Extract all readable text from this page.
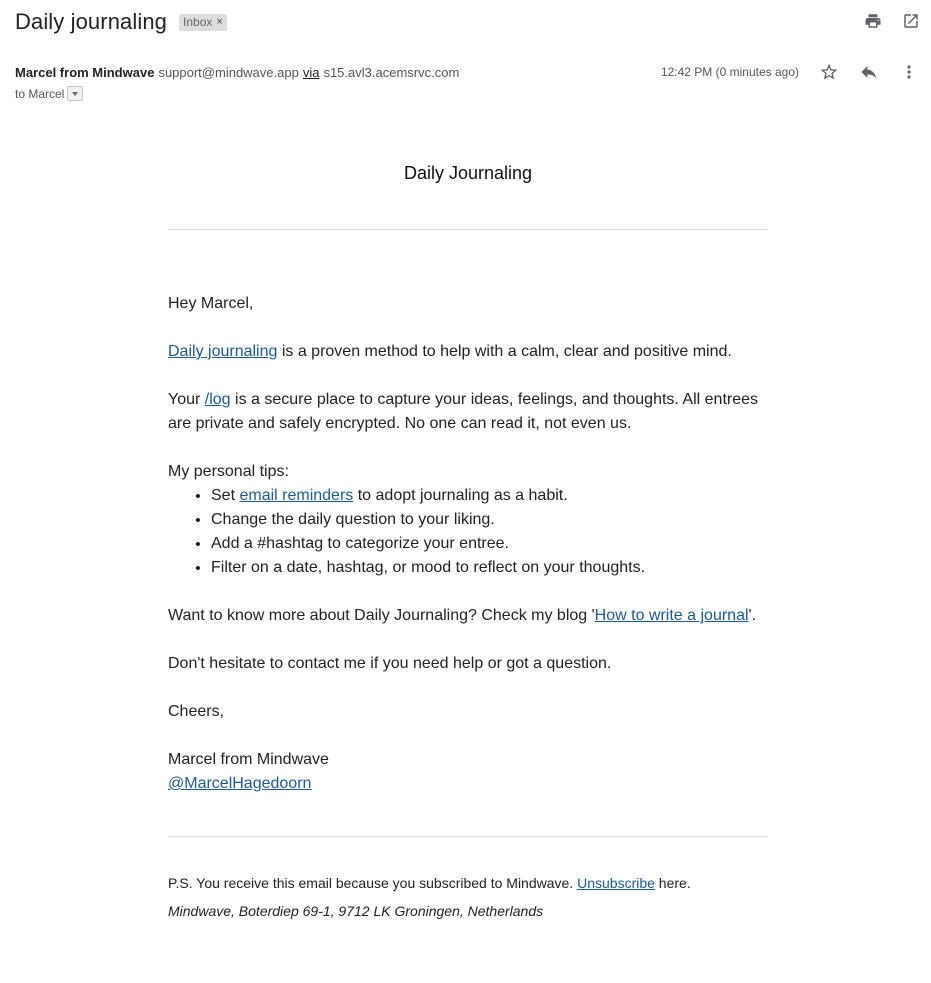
Daily journaling Inbox ×
Marcel from Mindwave support@mindwave.app via s15.avl3.acemsrvc.com
to Marcel
12:42 PM (0 minutes ago)
Daily Journaling

Hey Marcel,

Daily journaling is a proven method to help with a calm, clear and positive mind.

Your /log is a secure place to capture your ideas, feelings, and thoughts. All entrees are private and safely encrypted. No one can read it, not even us.

My personal tips:

• Set email reminders to adopt journaling as a habit.
• Change the daily question to your liking.
• Add a #hashtag to categorize your entree.
• Filter on a date, hashtag, or mood to reflect on your thoughts.

Want to know more about Daily Journaling? Check my blog 'How to write a journal'.

Don't hesitate to contact me if you need help or got a question.

Cheers,

Marcel from Mindwave
@MarcelHagedoorn

P.S. You receive this email because you subscribed to Mindwave. Unsubscribe here.

Mindwave, Boterdiep 69-1, 9712 LK Groningen, Netherlands
